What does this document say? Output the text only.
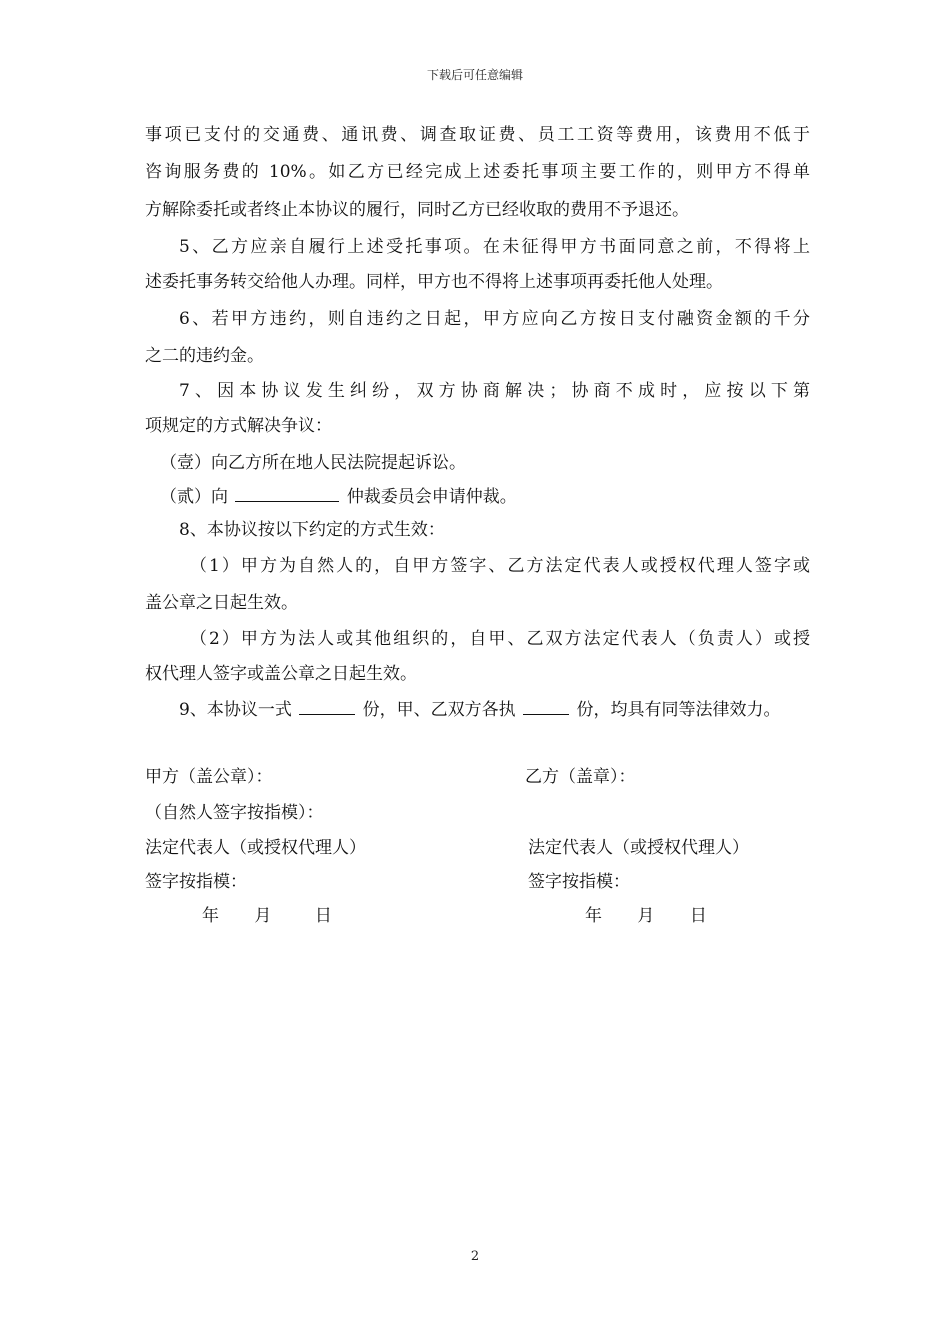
下载后可任意编辑
事项已支付的交通费、通讯费、调查取证费、员工工资等费用，该费用不低于
咨询服务费的 10%。如乙方已经完成上述委托事项主要工作的，则甲方不得单
方解除委托或者终止本协议的履行，同时乙方已经收取的费用不予退还。
5、乙方应亲自履行上述受托事项。在未征得甲方书面同意之前，不得将上
述委托事务转交给他人办理。同样，甲方也不得将上述事项再委托他人处理。
6、若甲方违约，则自违约之日起，甲方应向乙方按日支付融资金额的千分
之二的违约金。
7、因本协议发生纠纷，双方协商解决；协商不成时，应按以下第
项规定的方式解决争议：
（壹）向乙方所在地人民法院提起诉讼。
（贰）向	仲裁委员会申请仲裁。
8、本协议按以下约定的方式生效：
（1）甲方为自然人的，自甲方签字、乙方法定代表人或授权代理人签字或
盖公章之日起生效。
（2）甲方为法人或其他组织的，自甲、乙双方法定代表人（负责人）或授
权代理人签字或盖公章之日起生效。
9、本协议一式	份，甲、乙双方各执	份，均具有同等法律效力。
甲方（盖公章）：
（自然人签字按指模）：
法定代表人（或授权代理人）
签字按指模：
年 月	日
乙方（盖章）：
法定代表人（或授权代理人）
签字按指模：
年 月 日
2
